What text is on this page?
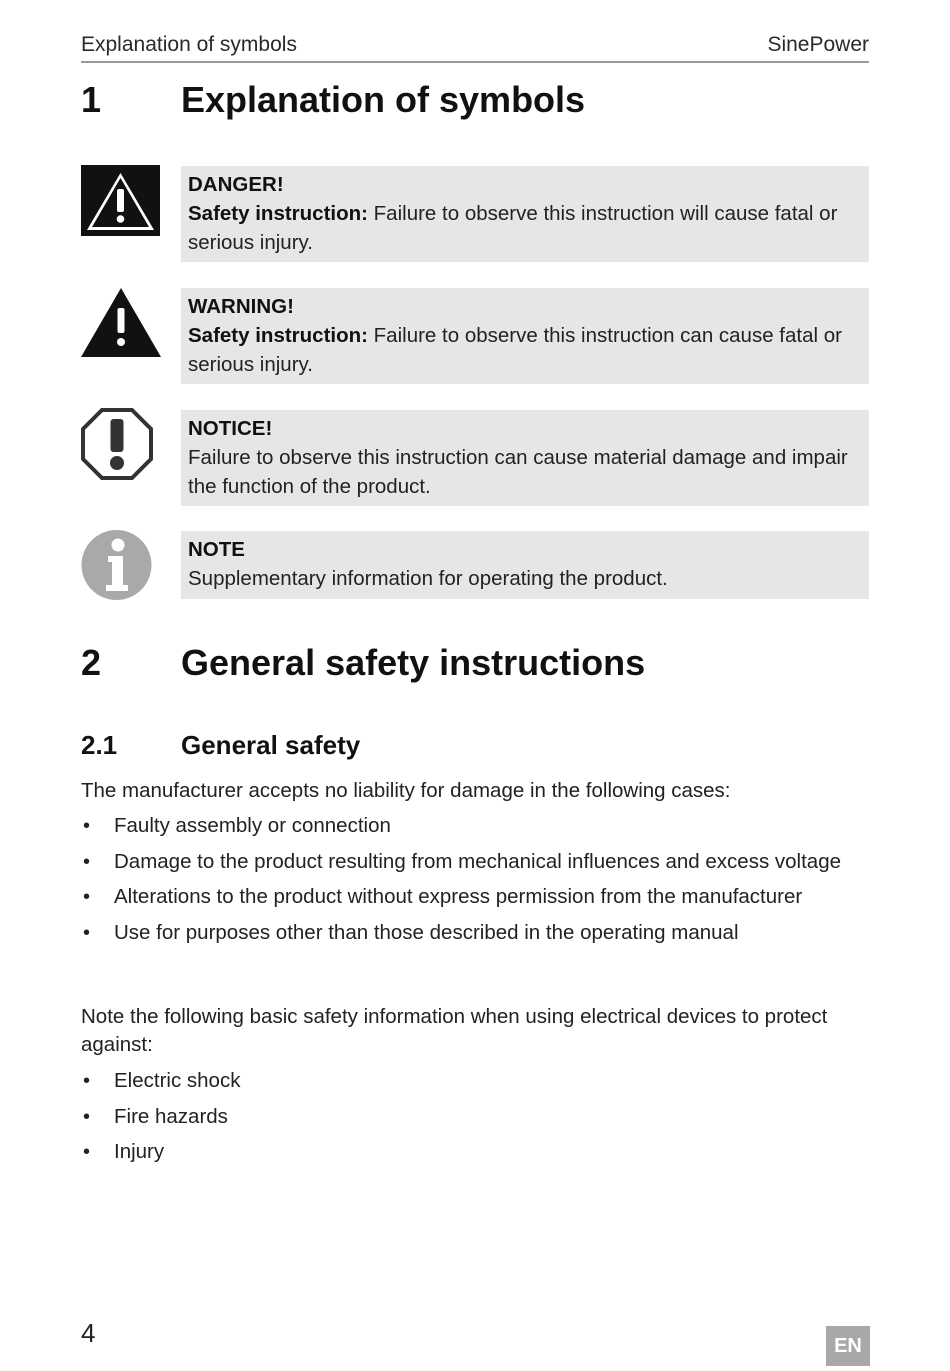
Explanation of symbols	SinePower
1 Explanation of symbols
DANGER!
Safety instruction: Failure to observe this instruction will cause fatal or serious injury.
WARNING!
Safety instruction: Failure to observe this instruction can cause fatal or serious injury.
NOTICE!
Failure to observe this instruction can cause material damage and impair the function of the product.
NOTE
Supplementary information for operating the product.
2 General safety instructions
2.1 General safety
The manufacturer accepts no liability for damage in the following cases:
• Faulty assembly or connection
• Damage to the product resulting from mechanical influences and excess voltage
• Alterations to the product without express permission from the manufacturer
• Use for purposes other than those described in the operating manual
Note the following basic safety information when using electrical devices to protect against:
• Electric shock
• Fire hazards
• Injury
4	EN
